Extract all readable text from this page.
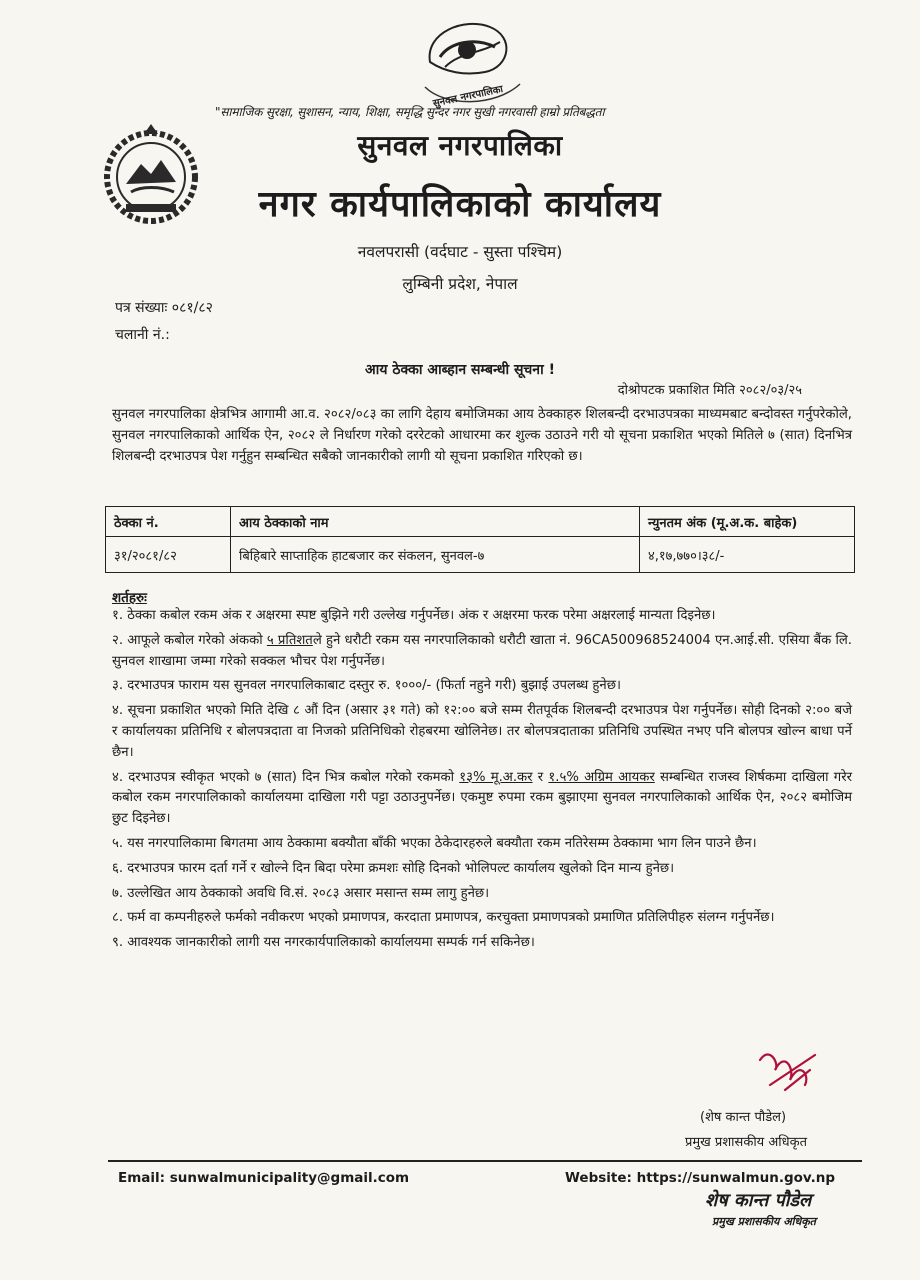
सुनवल नगरपालिका
"सामाजिक सुरक्षा, सुशासन, न्याय, शिक्षा, समृद्धि सुन्दर नगर सुखी नगरवासी हाम्रो प्रतिबद्धता
सुनवल नगरपालिका
नगर कार्यपालिकाको कार्यालय
नवलपरासी (वर्दघाट - सुस्ता पश्चिम)
लुम्बिनी प्रदेश, नेपाल
पत्र संख्याः ०८१/८२
चलानी नं.:
आय ठेक्का आब्हान सम्बन्धी सूचना !
दोश्रोपटक प्रकाशित मिति २०८२/०३/२५
सुनवल नगरपालिका क्षेत्रभित्र आगामी आ.व. २०८२/०८३ का लागि देहाय बमोजिमका आय ठेक्काहरु शिलबन्दी दरभाउपत्रका माध्यमबाट बन्दोवस्त गर्नुपरेकोले, सुनवल नगरपालिकाको आर्थिक ऐन, २०८२ ले निर्धारण गरेको दररेटको आधारमा कर शुल्क उठाउने गरी यो सूचना प्रकाशित भएको मितिले ७ (सात) दिनभित्र शिलबन्दी दरभाउपत्र पेश गर्नुहुन सम्बन्धित सबैको जानकारीको लागी यो सूचना प्रकाशित गरिएको छ।
ठेक्का नं.	आय ठेक्काको नाम	न्युनतम अंक (मू.अ.क. बाहेक)
३१/२०८१/८२	बिहिबारे साप्ताहिक हाटबजार कर संकलन, सुनवल-७	४,१७,७७०।३८/-
शर्तहरुः

१. ठेक्का कबोल रकम अंक र अक्षरमा स्पष्ट बुझिने गरी उल्लेख गर्नुपर्नेछ। अंक र अक्षरमा फरक परेमा अक्षरलाई मान्यता दिइनेछ।

२. आफूले कबोल गरेको अंकको ५ प्रतिशतले हुने धरौटी रकम यस नगरपालिकाको धरौटी खाता नं. 96CA500968524004 एन.आई.सी. एसिया बैंक लि. सुनवल शाखामा जम्मा गरेको सक्कल भौचर पेश गर्नुपर्नेछ।

३. दरभाउपत्र फाराम यस सुनवल नगरपालिकाबाट दस्तुर रु. १०००/- (फिर्ता नहुने गरी) बुझाई उपलब्ध हुनेछ।

४. सूचना प्रकाशित भएको मिति देखि ८ औं दिन (असार ३१ गते) को १२:०० बजे सम्म रीतपूर्वक शिलबन्दी दरभाउपत्र पेश गर्नुपर्नेछ। सोही दिनको २:०० बजे र कार्यालयका प्रतिनिधि र बोलपत्रदाता वा निजको प्रतिनिधिको रोहबरमा खोलिनेछ। तर बोलपत्रदाताका प्रतिनिधि उपस्थित नभए पनि बोलपत्र खोल्न बाधा पर्ने छैन।

४. दरभाउपत्र स्वीकृत भएको ७ (सात) दिन भित्र कबोल गरेको रकमको १३% मू.अ.कर र १.५% अग्रिम आयकर सम्बन्धित राजस्व शिर्षकमा दाखिला गरेर कबोल रकम नगरपालिकाको कार्यालयमा दाखिला गरी पट्टा उठाउनुपर्नेछ। एकमुष्ट रुपमा रकम बुझाएमा सुनवल नगरपालिकाको आर्थिक ऐन, २०८२ बमोजिम छुट दिइनेछ।

५. यस नगरपालिकामा बिगतमा आय ठेक्कामा बक्यौता बाँकी भएका ठेकेदारहरुले बक्यौता रकम नतिरेसम्म ठेक्कामा भाग लिन पाउने छैन।

६. दरभाउपत्र फारम दर्ता गर्ने र खोल्ने दिन बिदा परेमा क्रमशः सोहि दिनको भोलिपल्ट कार्यालय खुलेको दिन मान्य हुनेछ।

७. उल्लेखित आय ठेक्काको अवधि वि.सं. २०८३ असार मसान्त सम्म लागु हुनेछ।

८. फर्म वा कम्पनीहरुले फर्मको नवीकरण भएको प्रमाणपत्र, करदाता प्रमाणपत्र, करचुक्ता प्रमाणपत्रको प्रमाणित प्रतिलिपीहरु संलग्न गर्नुपर्नेछ।

९. आवश्यक जानकारीको लागी यस नगरकार्यपालिकाको कार्यालयमा सम्पर्क गर्न सकिनेछ।

(शेष कान्त पौडेल)
प्रमुख प्रशासकीय अधिकृत
Email: sunwalmunicipality@gmail.com	Website: https://sunwalmun.gov.np
शेष कान्त पौडेल
प्रमुख प्रशासकीय अधिकृत
